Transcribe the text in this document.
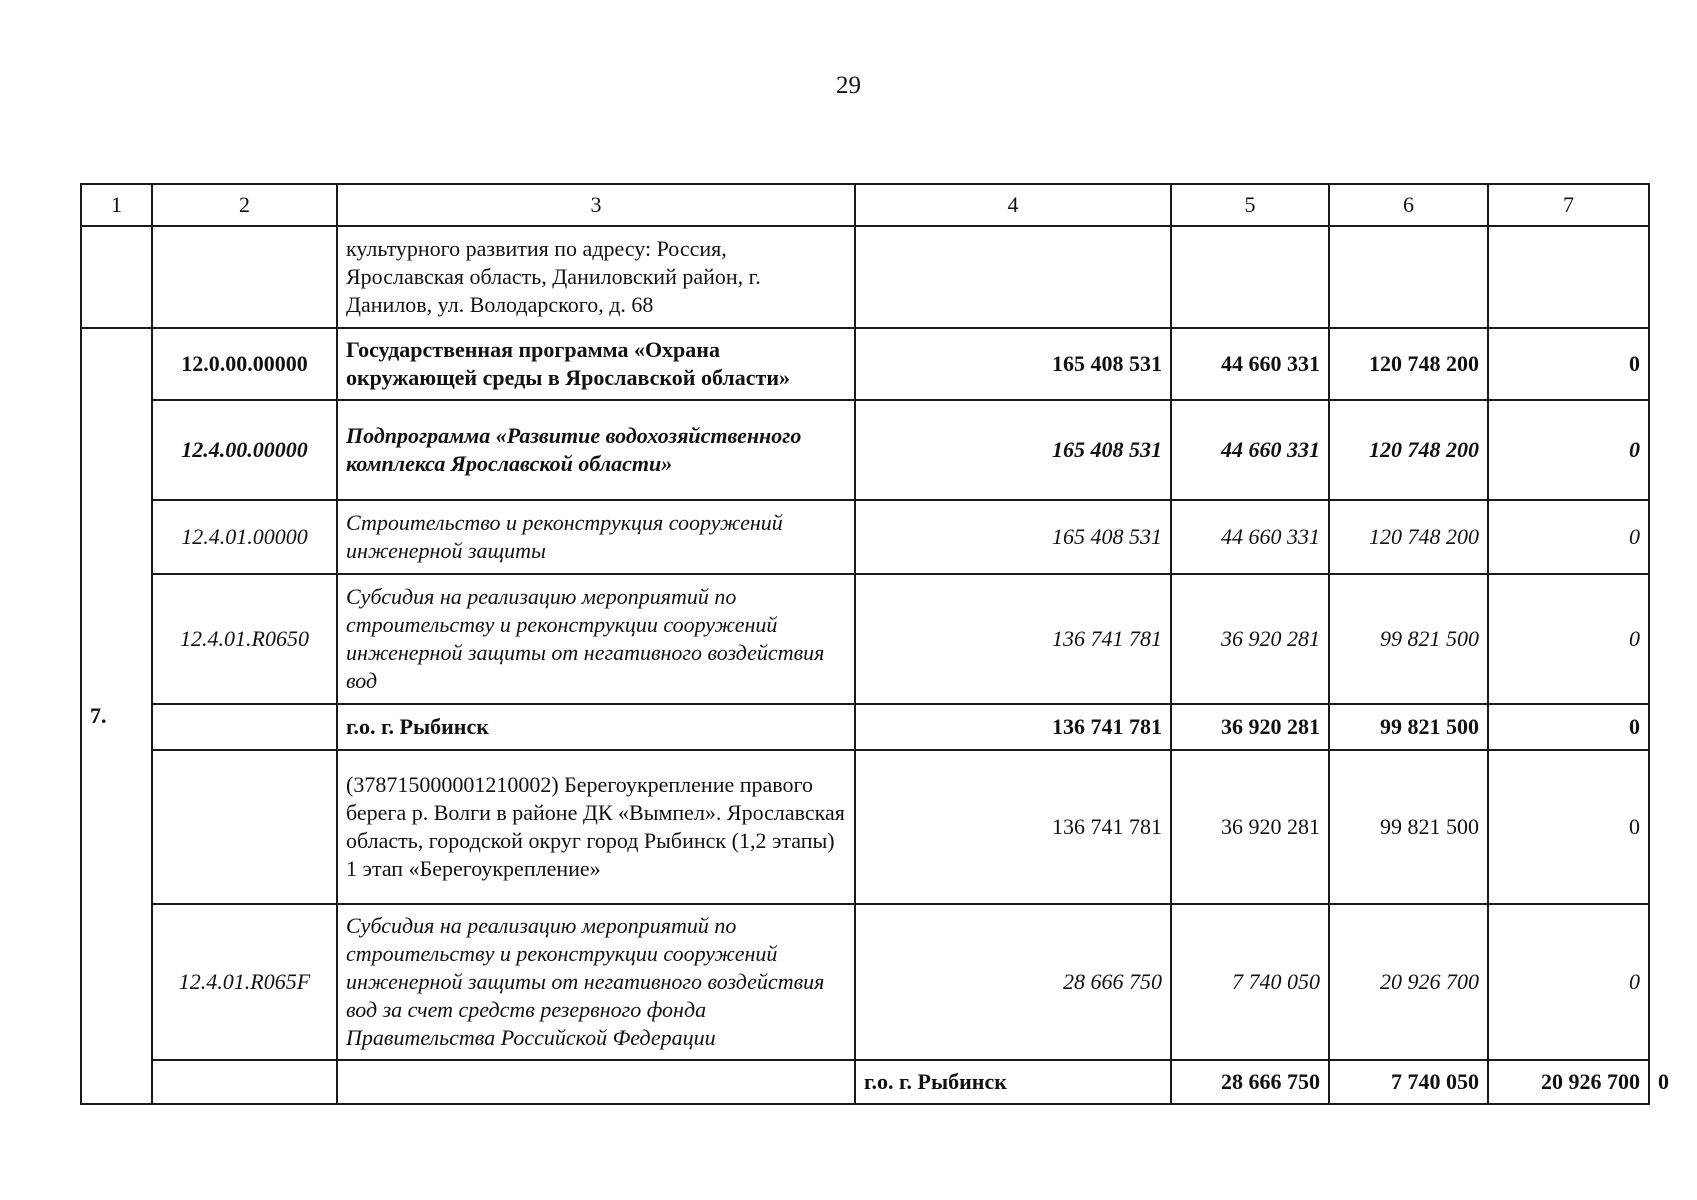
29
1	2	3	4	5	6	7	
		культурного развития по адресу: Россия, Ярославская область, Даниловский район, г. Данилов, ул. Володарского, д. 68					
7.	12.0.00.00000	Государственная программа «Охрана окружающей среды в Ярославской области»	165 408 531	44 660 331	120 748 200	0	
	12.4.00.00000	Подпрограмма «Развитие водохозяйственного комплекса Ярославской области»	165 408 531	44 660 331	120 748 200	0	
	12.4.01.00000	Строительство и реконструкция сооружений инженерной защиты	165 408 531	44 660 331	120 748 200	0	
	12.4.01.R0650	Субсидия на реализацию мероприятий по строительству и реконструкции сооружений инженерной защиты от негативного воздействия вод	136 741 781	36 920 281	99 821 500	0	
		г.о. г. Рыбинск	136 741 781	36 920 281	99 821 500	0	
		(378715000001210002) Берегоукрепление правого берега р. Волги в районе ДК «Вымпел». Ярославская область, городской округ город Рыбинск (1,2 этапы) 1 этап «Берегоукрепление»	136 741 781	36 920 281	99 821 500	0	
	12.4.01.R065F	Субсидия на реализацию мероприятий по строительству и реконструкции сооружений инженерной защиты от негативного воздействия вод за счет средств резервного фонда Правительства Российской Федерации	28 666 750	7 740 050	20 926 700	0	
			г.о. г. Рыбинск	28 666 750	7 740 050	20 926 700	0
